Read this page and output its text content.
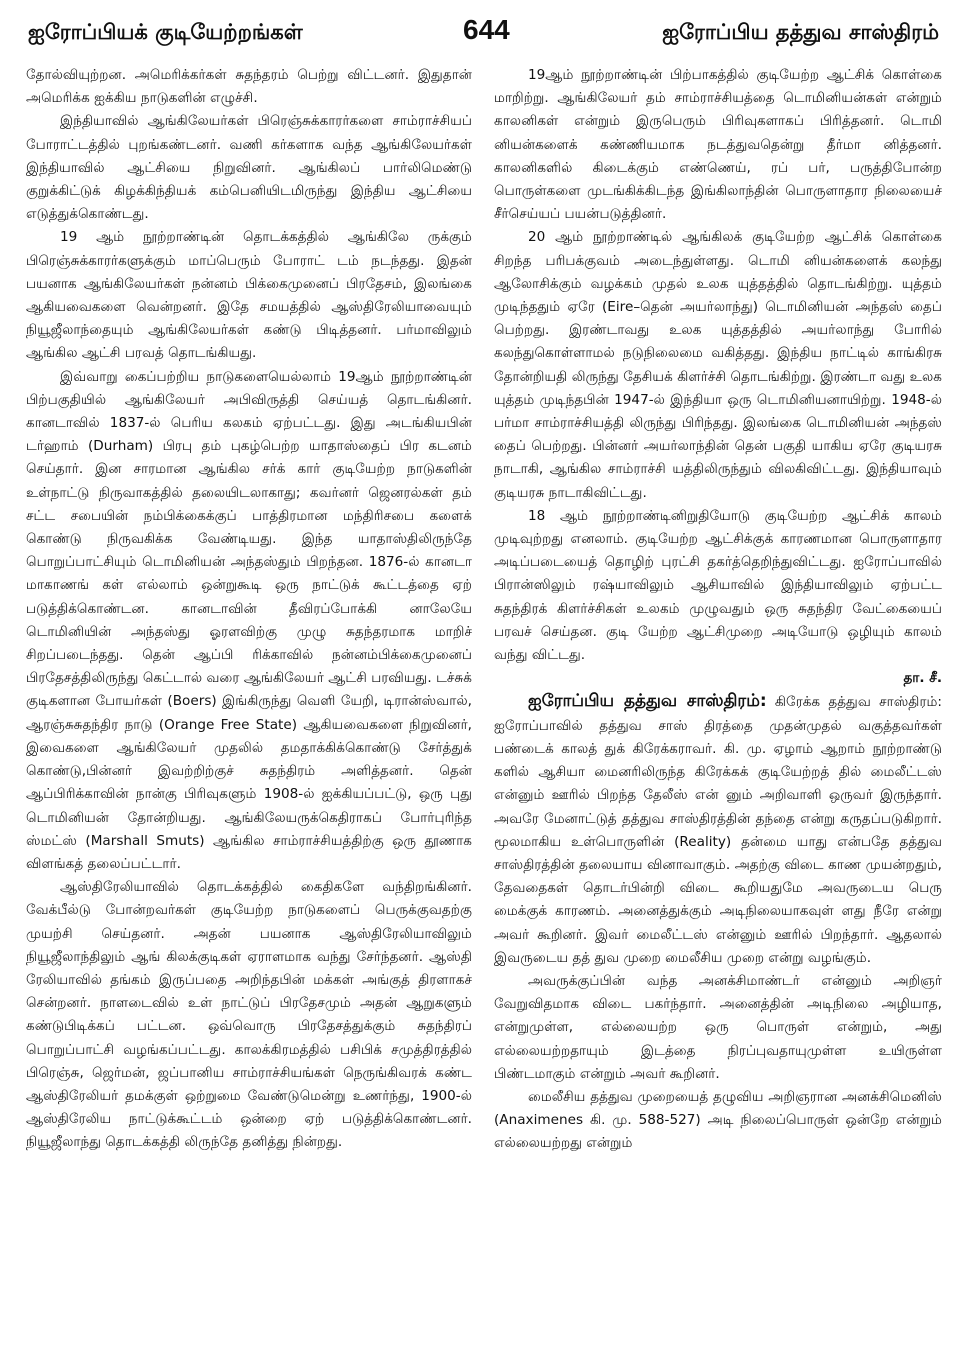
ஐரோப்பியக் குடியேற்றங்கள்	644	ஐரோப்பிய தத்துவ சாஸ்திரம்

தோல்வியுற்றன. அமெரிக்கர்கள் சுதந்தரம் பெற்று விட்டனர். இதுதான் அமெரிக்க ஐக்கிய நாடுகளின் எழுச்சி.

இந்தியாவில் ஆங்கிலேயர்கள் பிரெஞ்சுக்காரர்களை சாம்ராச்சியப் போராட்டத்தில் புறங்கண்டனர். வணி கர்களாக வந்த ஆங்கிலேயர்கள் இந்தியாவில் ஆட்சியை நிறுவினர். ஆங்கிலப் பார்லிமெண்டு குறுக்கிட்டுக் கிழக்கிந்தியக் கம்பெனியிடமிருந்து இந்திய ஆட்சியை எடுத்துக்கொண்டது.

19 ஆம் நூற்றாண்டின் தொடக்கத்தில் ஆங்கிலே ருக்கும் பிரெஞ்சுக்காரர்களுக்கும் மாப்பெரும் போராட் டம் நடந்தது. இதன் பயனாக ஆங்கிலேயர்கள் நன்னம் பிக்கைமுனைப் பிரதேசம், இலங்கை ஆகியவைகளை வென்றனர். இதே சமயத்தில் ஆஸ்திரேலியாவையும் நியூஜீலாந்தையும் ஆங்கிலேயர்கள் கண்டு பிடித்தனர். பர்மாவிலும் ஆங்கில ஆட்சி பரவத் தொடங்கியது.

இவ்வாறு கைப்பற்றிய நாடுகளையெல்லாம் 19ஆம் நூற்றாண்டின் பிற்பகுதியில் ஆங்கிலேயர் அபிவிருத்தி செய்யத் தொடங்கினர். கானடாவில் 1837-ல் பெரிய கலகம் ஏற்பட்டது. இது அடங்கியபின் டர்ஹாம் (Durham) பிரபு தம் புகழ்பெற்ற யாதாஸ்தைப் பிர கடனம் செய்தார். இன சாரமான ஆங்கில சர்க் கார் குடியேற்ற நாடுகளின் உள்நாட்டு நிருவாகத்தில் தலையிடலாகாது; கவர்னர் ஜெனரல்கள் தம் சட்ட சபையின் நம்பிக்கைக்குப் பாத்திரமான மந்திரிசபை களைக் கொண்டு நிருவகிக்க வேண்டியது. இந்த யாதாஸ்திலிருந்தே பொறுப்பாட்சியும் டொமினியன் அந்தஸ்தும் பிறந்தன. 1876-ல் கானடா மாகாணங் கள் எல்லாம் ஒன்றுகூடி ஒரு நாட்டுக் கூட்டத்தை ஏற் படுத்திக்கொண்டன. கானடாவின் தீவிரப்போக்கி னாலேயே டொமினியின் அந்தஸ்து ஓரளவிற்கு முழு சுதந்தரமாக மாறிச் சிறப்படைந்தது. தென் ஆப்பி ரிக்காவில் நன்னம்பிக்கைமுனைப் பிரதேசத்திலிருந்து கெட்டால் வரை ஆங்கிலேயர் ஆட்சி பரவியது. டச்சுக் குடிகளான போயர்கள் (Boers) இங்கிருந்து வெளி யேறி, டிரான்ஸ்வால், ஆரஞ்சுசுதந்திர நாடு (Orange Free State) ஆகியவைகளை நிறுவினர், இவைகளை ஆங்கிலேயர் முதலில் தமதாக்கிக்கொண்டு சேர்த்துக் கொண்டு,பின்னர் இவற்றிற்குச் சுதந்திரம் அளித்தனர். தென் ஆப்பிரிக்காவின் நான்கு பிரிவுகளும் 1908-ல் ஐக்கியப்பட்டு, ஒரு புது டொமினியன் தோன்றியது. ஆங்கிலேயருக்கெதிராகப் போர்புரிந்த ஸ்மட்ஸ் (Marshall Smuts) ஆங்கில சாம்ராச்சியத்திற்கு ஒரு தூணாக விளங்கத் தலைப்பட்டார்.

ஆஸ்திரேலியாவில் தொடக்கத்தில் கைதிகளே வந்திறங்கினர். வேக்பீல்டு போன்றவர்கள் குடியேற்ற நாடுகளைப் பெருக்குவதற்கு முயற்சி செய்தனர். அதன் பயனாக ஆஸ்திரேலியாவிலும் நியூஜீலாந்திலும் ஆங் கிலக்குடிகள் ஏராளமாக வந்து சேர்ந்தனர். ஆஸ்தி ரேலியாவில் தங்கம் இருப்பதை அறிந்தபின் மக்கள் அங்குத் திரளாகச் சென்றனர். நாளடைவில் உள் நாட்டுப் பிரதேசமும் அதன் ஆறுகளும் கண்டுபிடிக்கப் பட்டன. ஒவ்வொரு பிரதேசத்துக்கும் சுதந்திரப் பொறுப்பாட்சி வழங்கப்பட்டது. காலக்கிரமத்தில் பசிபிக் சமுத்திரத்தில் பிரெஞ்சு, ஜெர்மன், ஜப்பானிய சாம்ராச்சியங்கள் நெருங்கிவரக் கண்ட ஆஸ்திரேலியர் தமக்குள் ஒற்றுமை வேண்டுமென்று உணர்ந்து, 1900-ல் ஆஸ்திரேலிய நாட்டுக்கூட்டம் ஒன்றை ஏற் படுத்திக்கொண்டனர். நியூஜீலாந்து தொடக்கத்தி லிருந்தே தனித்து நின்றது.

19ஆம் நூற்றாண்டின் பிற்பாகத்தில் குடியேற்ற ஆட்சிக் கொள்கை மாறிற்று. ஆங்கிலேயர் தம் சாம்ராச்சியத்தை டொமினியன்கள் என்றும் காலனிகள் என்றும் இருபெரும் பிரிவுகளாகப் பிரித்தனர். டொமி னியன்களைக் கண்ணியமாக நடத்துவதென்று தீர்மா னித்தனர். காலனிகளில் கிடைக்கும் எண்ணெய், ரப் பர், பருத்திபோன்ற பொருள்களை முடங்கிக்கிடந்த இங்கிலாந்தின் பொருளாதார நிலையைச் சீர்செய்யப் பயன்படுத்தினர்.

20 ஆம் நூற்றாண்டில் ஆங்கிலக் குடியேற்ற ஆட்சிக் கொள்கை சிறந்த பரிபக்குவம் அடைந்துள்ளது. டொமி னியன்களைக் கலந்து ஆலோசிக்கும் வழக்கம் முதல் உலக யுத்தத்தில் தொடங்கிற்று. யுத்தம் முடிந்ததும் ஏரே (Eire–தென் அயர்லாந்து) டொமினியன் அந்தஸ் தைப் பெற்றது. இரண்டாவது உலக யுத்தத்தில் அயர்லாந்து போரில் கலந்துகொள்ளாமல் நடுநிலைமை வகித்தது. இந்திய நாட்டில் காங்கிரசு தோன்றியதி லிருந்து தேசியக் கிளர்ச்சி தொடங்கிற்று. இரண்டா வது உலக யுத்தம் முடிந்தபின் 1947-ல் இந்தியா ஒரு டொமினியனாயிற்று. 1948-ல் பர்மா சாம்ராச்சியத்தி லிருந்து பிரிந்தது. இலங்கை டொமினியன் அந்தஸ் தைப் பெற்றது. பின்னர் அயர்லாந்தின் தென் பகுதி யாகிய ஏரே குடியரசு நாடாகி, ஆங்கில சாம்ராச்சி யத்திலிருந்தும் விலகிவிட்டது. இந்தியாவும் குடியரசு நாடாகிவிட்டது.

18 ஆம் நூற்றாண்டினிறுதியோடு குடியேற்ற ஆட்சிக் காலம் முடிவுற்றது எனலாம். குடியேற்ற ஆட்சிக்குக் காரணமான பொருளாதார அடிப்படையைத் தொழிற் புரட்சி தகர்த்தெறிந்துவிட்டது. ஐரோப்பாவில் பிரான்ஸிலும் ரஷ்யாவிலும் ஆசியாவில் இந்தியாவிலும் ஏற்பட்ட சுதந்திரக் கிளர்ச்சிகள் உலகம் முழுவதும் ஒரு சுதந்திர வேட்கையைப் பரவச் செய்தன. குடி யேற்ற ஆட்சிமுறை அடியோடு ஒழியும் காலம் வந்து விட்டது.

தா. சீ.

ஐரோப்பிய தத்துவ சாஸ்திரம்: கிரேக்க தத்துவ சாஸ்திரம்: ஐரோப்பாவில் தத்துவ சாஸ் திரத்தை முதன்முதல் வகுத்தவர்கள் பண்டைக் காலத் துக் கிரேக்கராவர். கி. மு. ஏழாம் ஆறாம் நூற்றாண்டு களில் ஆசியா மைனரிலிருந்த கிரேக்கக் குடியேற்றத் தில் மைலீட்டஸ் என்னும் ஊரில் பிறந்த தேலீஸ் என் னும் அறிவாளி ஒருவர் இருந்தார். அவரே மேனாட்டுத் தத்துவ சாஸ்திரத்தின் தந்தை என்று கருதப்படுகிறார். மூலமாகிய உள்பொருளின் (Reality) தன்மை யாது என்பதே தத்துவ சாஸ்திரத்தின் தலையாய வினாவாகும். அதற்கு விடை காண முயன்றதும், தேவதைகள் தொடர்பின்றி விடை கூறியதுமே அவருடைய பெரு மைக்குக் காரணம். அனைத்துக்கும் அடிநிலையாகவுள் ளது நீரே என்று அவர் கூறினர். இவர் மைலீட்டஸ் என்னும் ஊரில் பிறந்தார். ஆதலால் இவருடைய தத் துவ முறை மைலீசிய முறை என்று வழங்கும்.

அவருக்குப்பின் வந்த அனக்சிமாண்டர் என்னும் அறிஞர் வேறுவிதமாக விடை பகர்ந்தார். அனைத்தின் அடிநிலை அழியாத, என்றுமுள்ள, எல்லையற்ற ஒரு பொருள் என்றும், அது எல்லையற்றதாயும் இடத்தை நிரப்புவதாயுமுள்ள உயிருள்ள பிண்டமாகும் என்றும் அவர் கூறினர்.

மைலீசிய தத்துவ முறையைத் தழுவிய அறிஞரான அனக்சிமெனிஸ் (Anaximenes கி. மு. 588-527) அடி நிலைப்பொருள் ஒன்றே என்றும் எல்லையற்றது என்றும்
